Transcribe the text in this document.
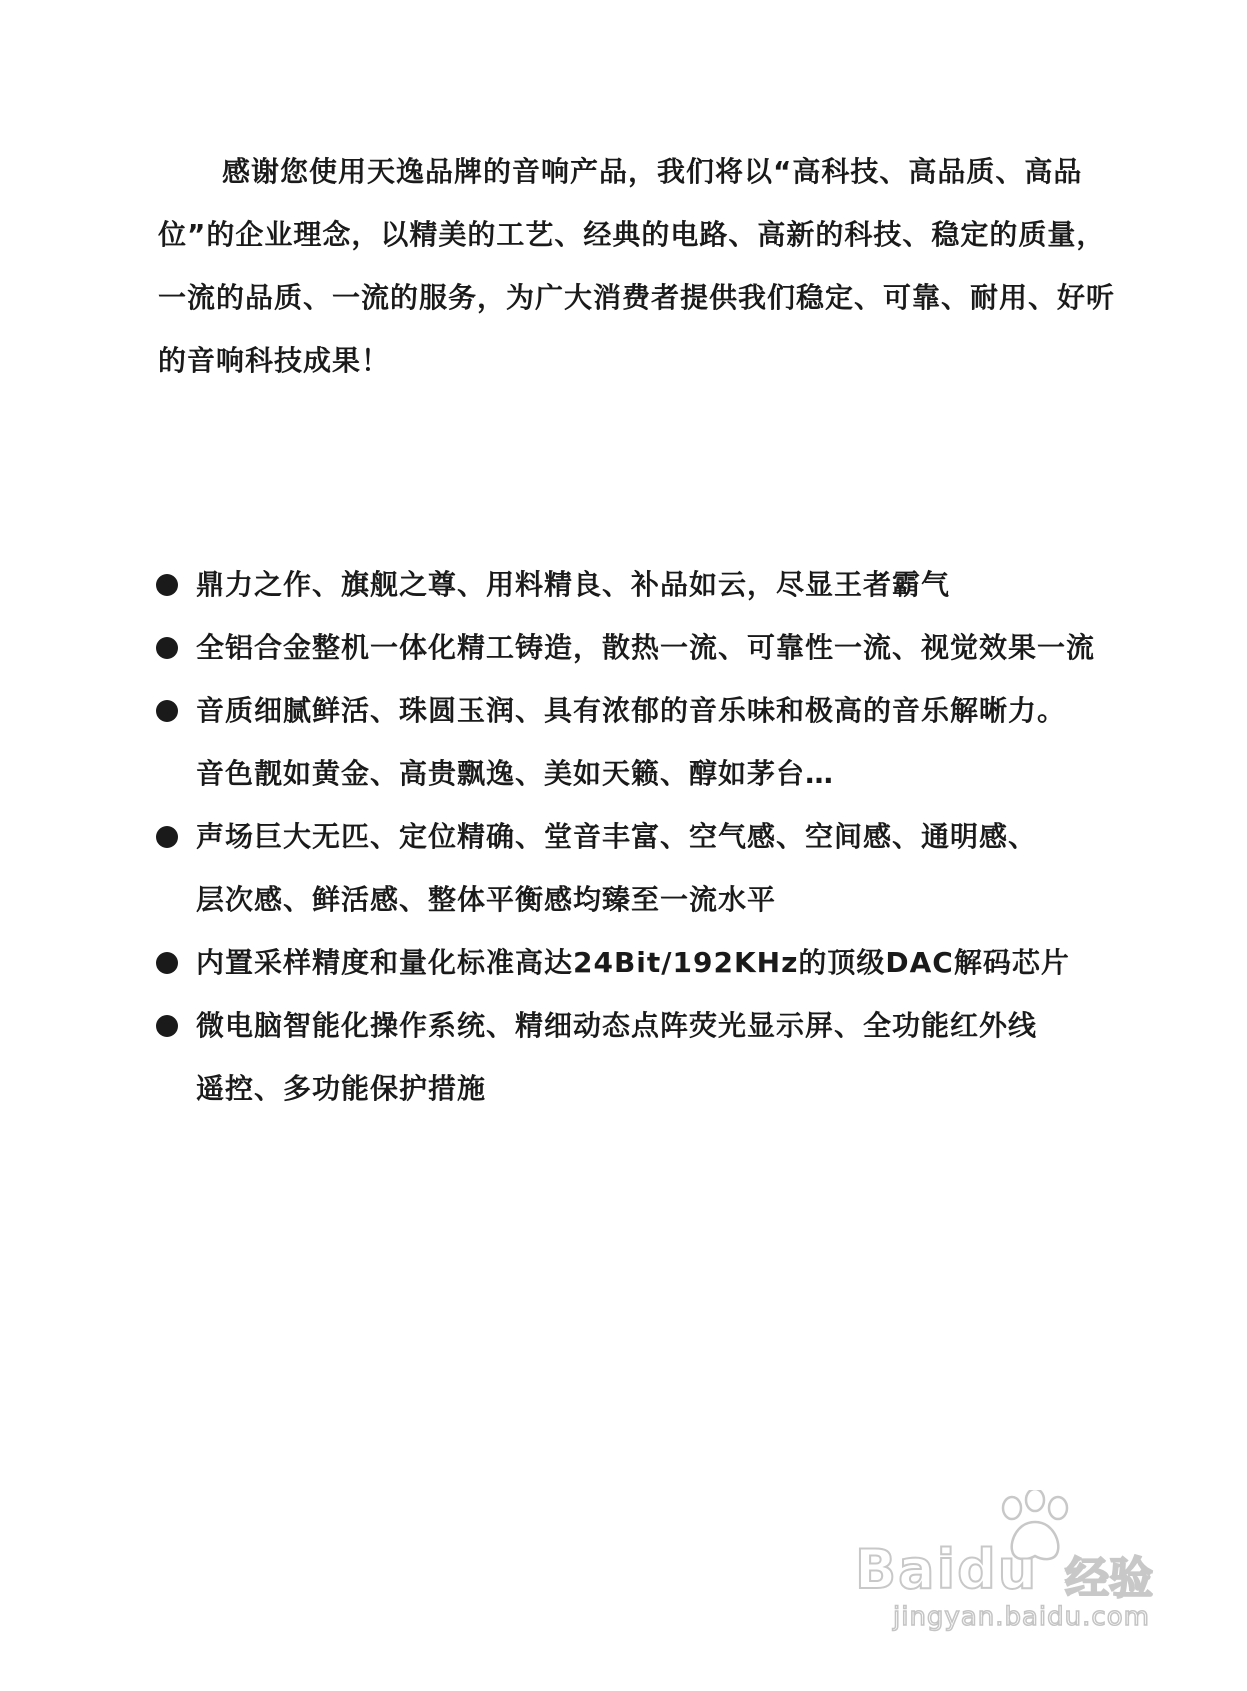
感谢您使用天逸品牌的音响产品，我们将以“高科技、高品质、高品位”的企业理念，以精美的工艺、经典的电路、高新的科技、稳定的质量，一流的品质、一流的服务，为广大消费者提供我们稳定、可靠、耐用、好听的音响科技成果！

鼎力之作、旗舰之尊、用料精良、补品如云，尽显王者霸气
全铝合金整机一体化精工铸造，散热一流、可靠性一流、视觉效果一流
音质细腻鲜活、珠圆玉润、具有浓郁的音乐味和极高的音乐解晰力。
音色靓如黄金、高贵飘逸、美如天籁、醇如茅台…
声场巨大无匹、定位精确、堂音丰富、空气感、空间感、通明感、
层次感、鲜活感、整体平衡感均臻至一流水平
内置采样精度和量化标准高达24Bit/192KHz的顶级DAC解码芯片
微电脑智能化操作系统、精细动态点阵荧光显示屏、全功能红外线
遥控、多功能保护措施
Baidu 经验
jingyan.baidu.com
